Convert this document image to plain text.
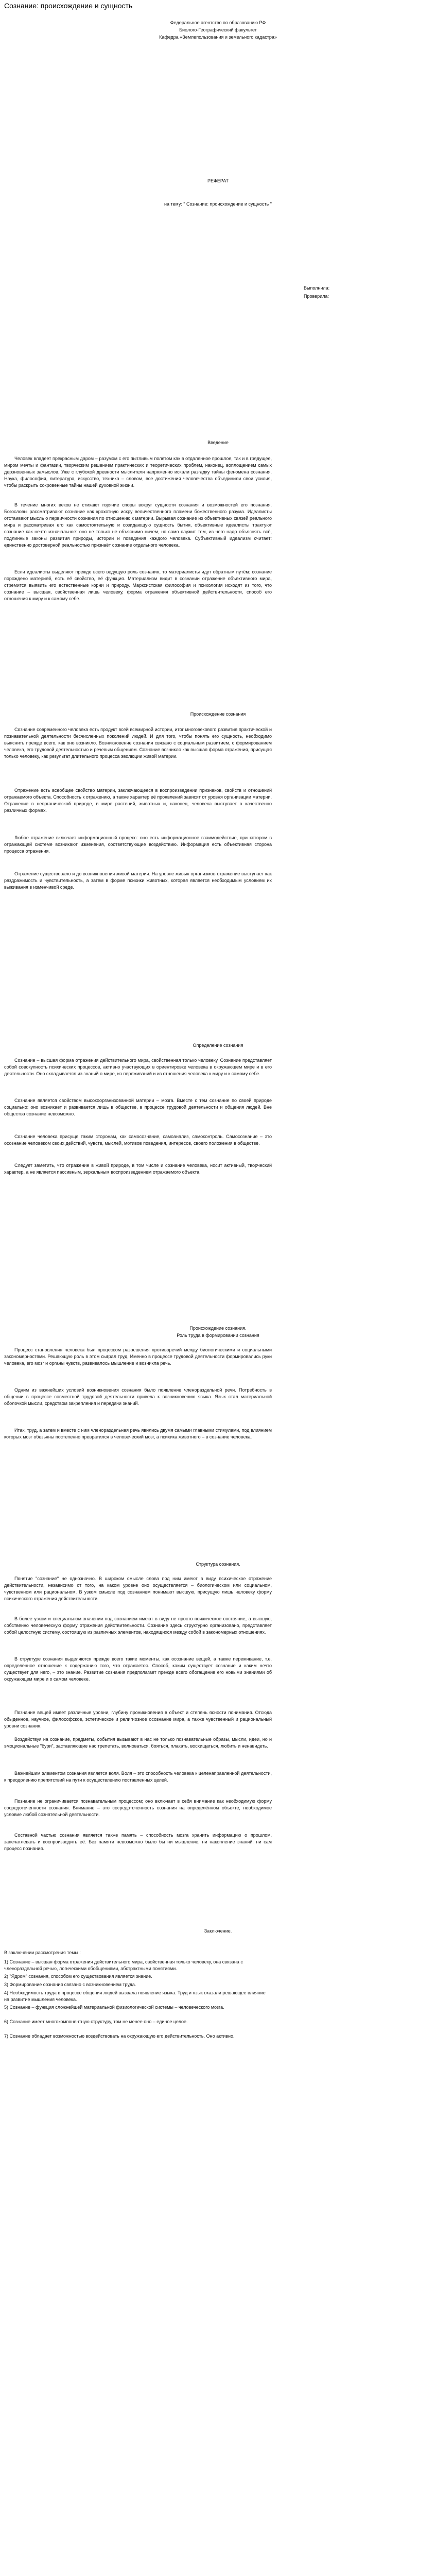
Сознание: происхождение и сущность
Федеральное агентство по образованию РФ
Биолого-Географический факультет
Кафедра «Землепользования и земельного кадастра»
РЕФЕРАТ
на тему: " Сознание: происхождение и сущность "
Выполнила:
Проверила:
Введение

Человек владеет прекрасным даром – разумом с его пытливым полетом как в отдаленное прошлое, так и в грядущее, миром мечты и фантазии, творческим решением практических и теоретических проблем, наконец, воплощением самых дерзновенных замыслов. Уже с глубокой древности мыслители напряженно искали разгадку тайны феномена сознания. Наука, философия, литература, искусство, техника – словом, все достижения человечества объединили свои усилия, чтобы раскрыть сокровенные тайны нашей духовной жизни.

В течение многих веков не стихают горячие споры вокруг сущности сознания и возможностей его познания. Богословы рассматривают сознание как крохотную искру величественного пламени божественного разума. Идеалисты отстаивают мысль о первичности сознания по отношению к материи. Вырывая сознание из объективных связей реального мира и рассматривая его как самостоятельную и созидающую сущность бытия, объективные идеалисты трактуют сознание как нечто изначальное: оно не только не объяснимо ничем, но само служит тем, из чего надо объяснять всё, подлинные законы развития природы, истории и поведения каждого человека. Субъективный идеализм считает: единственно достоверной реальностью признаёт сознание отдельного человека.

Если идеалисты выделяют прежде всего ведущую роль сознания, то материалисты идут обратным путём: сознание порождено материей, есть её свойство, её функция. Материализм видит в сознании отражение объективного мира, стремится выявить его естественные корни и природу. Марксистская философия и психология исходят из того, что сознание – высшая, свойственная лишь человеку, форма отражения объективной действительности, способ его отношения к миру и к самому себе.

Происхождение сознания

Сознание современного человека есть продукт всей всемирной истории, итог многовекового развития практической и познавательной деятельности бесчисленных поколений людей. И для того, чтобы понять его сущность, необходимо выяснить прежде всего, как оно возникло. Возникновение сознания связано с социальным развитием, с формированием человека, его трудовой деятельностью и речевым общением. Сознание возникло как высшая форма отражения, присущая только человеку, как результат длительного процесса эволюции живой материи.

Отражение есть всеобщее свойство материи, заключающееся в воспроизведении признаков, свойств и отношений отражаемого объекта. Способность к отражению, а также характер её проявлений зависят от уровня организации материи. Отражение в неорганической природе, в мире растений, животных и, наконец, человека выступает в качественно различных формах.

Любое отражение включает информационный процесс: оно есть информационное взаимодействие, при котором в отражающей системе возникают изменения, соответствующие воздействию. Информация есть объективная сторона процесса отражения.

Отражение существовало и до возникновения живой материи. На уровне живых организмов отражение выступает как раздражимость и чувствительность, а затем в форме психики животных, которая является необходимым условием их выживания в изменчивой среде.

Определение сознания

Сознание – высшая форма отражения действительного мира, свойственная только человеку. Сознание представляет собой совокупность психических процессов, активно участвующих в ориентировке человека в окружающем мире и в его деятельности. Оно складывается из знаний о мире, из переживаний и из отношения человека к миру и к самому себе.

Сознание является свойством высокоорганизованной материи – мозга. Вместе с тем сознание по своей природе социально: оно возникает и развивается лишь в обществе, в процессе трудовой деятельности и общения людей. Вне общества сознание невозможно.

Сознание человека присуще таким сторонам, как самосознание, самоанализ, самоконтроль. Самосознание – это осознание человеком своих действий, чувств, мыслей, мотивов поведения, интересов, своего положения в обществе.

Следует заметить, что отражение в живой природе, в том числе и сознание человека, носит активный, творческий характер, а не является пассивным, зеркальным воспроизведением отражаемого объекта.

Происхождение сознания.
Роль труда в формировании сознания

Процесс становления человека был процессом разрешения противоречий между биологическими и социальными закономерностями. Решающую роль в этом сыграл труд. Именно в процессе трудовой деятельности формировались руки человека, его мозг и органы чувств, развивалось мышление и возникла речь.

Одним из важнейших условий возникновения сознания было появление членораздельной речи. Потребность в общении в процессе совместной трудовой деятельности привела к возникновению языка. Язык стал материальной оболочкой мысли, средством закрепления и передачи знаний.

Итак, труд, а затем и вместе с ним членораздельная речь явились двумя самыми главными стимулами, под влиянием которых мозг обезьяны постепенно превратился в человеческий мозг, а психика животного – в сознание человека.

Структура сознания.

Понятие "сознание" не однозначно. В широком смысле слова под ним имеют в виду психическое отражение действительности, независимо от того, на каком уровне оно осуществляется – биологическом или социальном, чувственном или рациональном. В узком смысле под сознанием понимают высшую, присущую лишь человеку форму психического отражения действительности.

В более узком и специальном значении под сознанием имеют в виду не просто психическое состояние, а высшую, собственно человеческую форму отражения действительности. Сознание здесь структурно организовано, представляет собой целостную систему, состоящую из различных элементов, находящихся между собой в закономерных отношениях.

В структуре сознания выделяются прежде всего такие моменты, как осознание вещей, а также переживание, т.е. определённое отношение к содержанию того, что отражается. Способ, каким существует сознание и каким нечто существует для него, – это знание. Развитие сознания предполагает прежде всего обогащение его новыми знаниями об окружающем мире и о самом человеке.

Познание вещей имеет различные уровни, глубину проникновения в объект и степень ясности понимания. Отсюда обыденное, научное, философское, эстетическое и религиозное осознание мира, а также чувственный и рациональный уровни сознания.

Воздействуя на сознание, предметы, события вызывают в нас не только познавательные образы, мысли, идеи, но и эмоциональные "бури", заставляющие нас трепетать, волноваться, бояться, плакать, восхищаться, любить и ненавидеть.

Важнейшим элементом сознания является воля. Воля – это способность человека к целенаправленной деятельности, к преодолению препятствий на пути к осуществлению поставленных целей.

Познание не ограничивается познавательным процессом; оно включает в себя внимание как необходимую форму сосредоточенности сознания. Внимание – это сосредоточенность сознания на определённом объекте, необходимое условие любой сознательной деятельности.

Составной частью сознания является также память – способность мозга хранить информацию о прошлом, запечатлевать и воспроизводить её. Без памяти невозможно было бы ни мышление, ни накопление знаний, ни сам процесс познания.

Заключение.
В заключении рассмотрения темы :
1) Сознание – высшая форма отражения действительного мира, свойственная только человеку, она связана с членораздельной речью, логическими обобщениями, абстрактными понятиями.
2) "Ядром" сознания, способом его существования является знание.
3) Формирование сознания связано с возникновением труда.
4) Необходимость труда в процессе общения людей вызвала появление языка. Труд и язык оказали решающее влияние на развитие мышления человека.
5) Сознание – функция сложнейшей материальной физиологической системы – человеческого мозга.
6) Сознание имеет многокомпонентную структуру, том не менее оно – единое целое.
7) Сознание обладает возможностью воздействовать на окружающую его действительность. Оно активно.
